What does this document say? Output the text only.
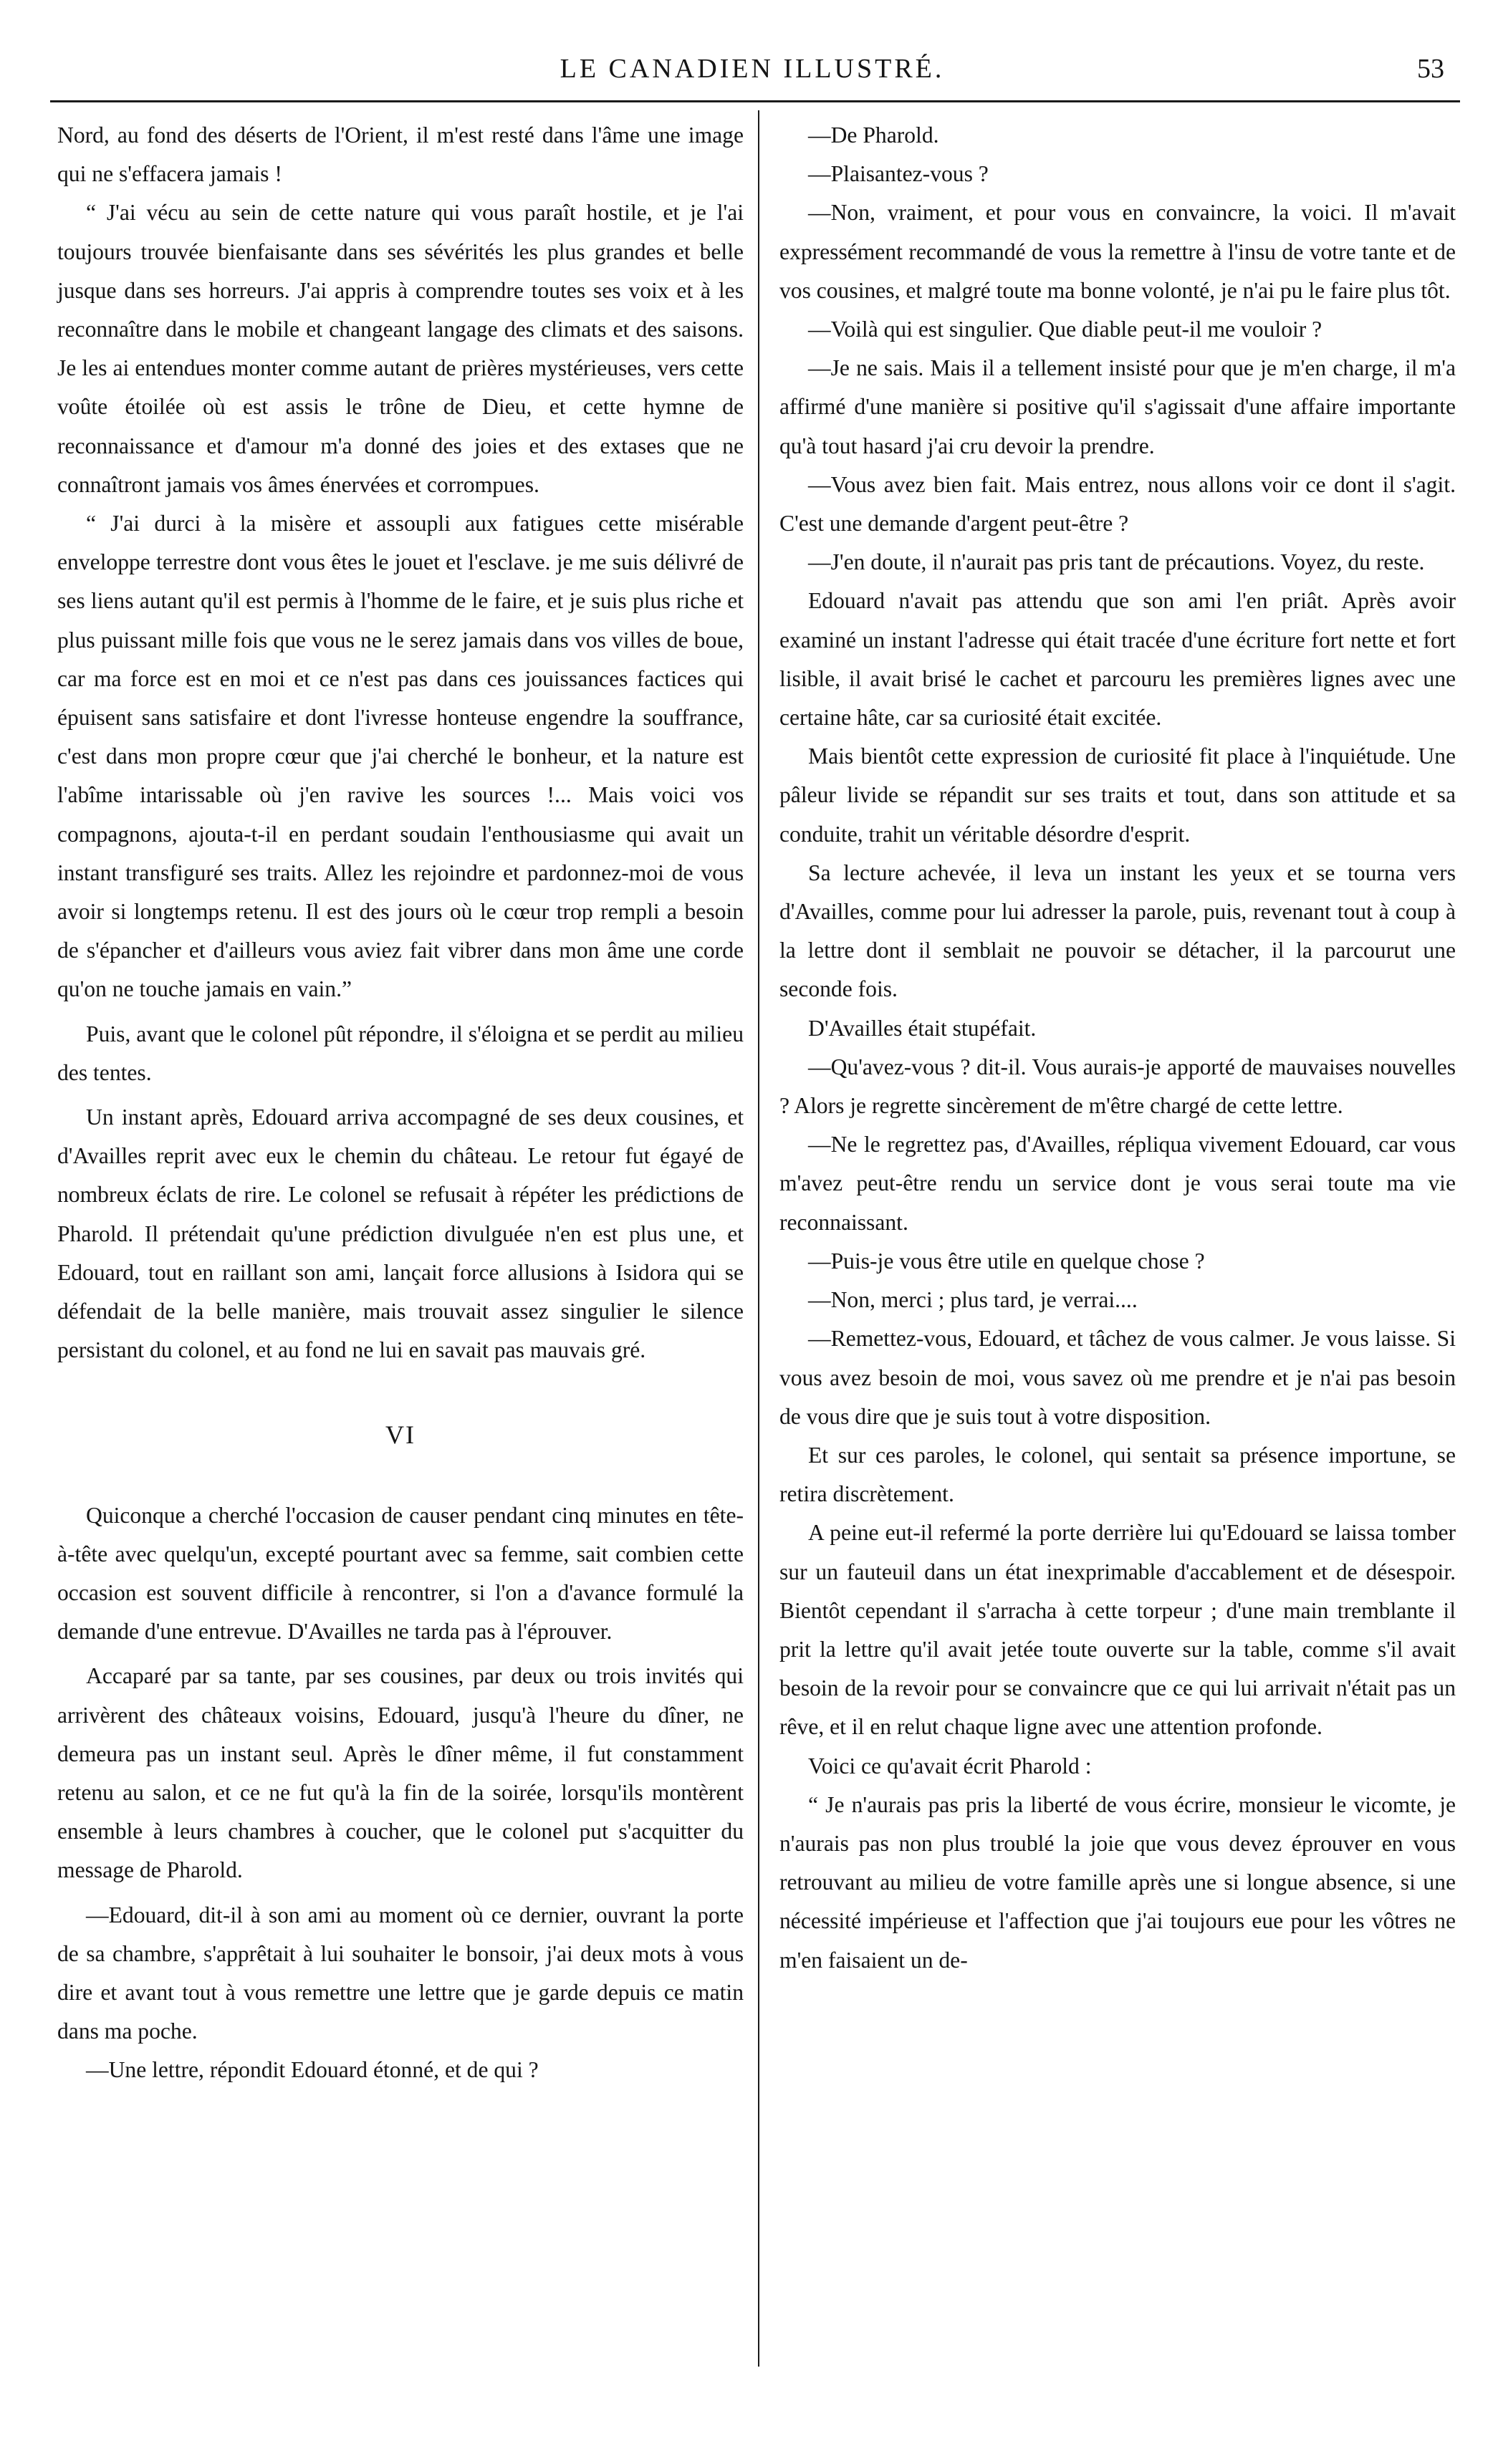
LE CANADIEN ILLUSTRÉ.	53

Nord, au fond des déserts de l'Orient, il m'est resté dans l'âme une image qui ne s'effacera jamais !

“ J'ai vécu au sein de cette nature qui vous paraît hostile, et je l'ai toujours trouvée bienfaisante dans ses sévérités les plus grandes et belle jusque dans ses horreurs. J'ai appris à comprendre toutes ses voix et à les reconnaître dans le mobile et changeant langage des climats et des saisons. Je les ai entendues monter comme autant de prières mystérieuses, vers cette voûte étoilée où est assis le trône de Dieu, et cette hymne de reconnaissance et d'amour m'a donné des joies et des extases que ne connaîtront jamais vos âmes énervées et corrompues.

“ J'ai durci à la misère et assoupli aux fatigues cette misérable enveloppe terrestre dont vous êtes le jouet et l'esclave. je me suis délivré de ses liens autant qu'il est permis à l'homme de le faire, et je suis plus riche et plus puissant mille fois que vous ne le serez jamais dans vos villes de boue, car ma force est en moi et ce n'est pas dans ces jouissances factices qui épuisent sans satisfaire et dont l'ivresse honteuse engendre la souffrance, c'est dans mon propre cœur que j'ai cherché le bonheur, et la nature est l'abîme intarissable où j'en ravive les sources !... Mais voici vos compagnons, ajouta-t-il en perdant soudain l'enthousiasme qui avait un instant transfiguré ses traits. Allez les rejoindre et pardonnez-moi de vous avoir si longtemps retenu. Il est des jours où le cœur trop rempli a besoin de s'épancher et d'ailleurs vous aviez fait vibrer dans mon âme une corde qu'on ne touche jamais en vain.”

Puis, avant que le colonel pût répondre, il s'éloigna et se perdit au milieu des tentes.

Un instant après, Edouard arriva accompagné de ses deux cousines, et d'Availles reprit avec eux le chemin du château. Le retour fut égayé de nombreux éclats de rire. Le colonel se refusait à répéter les prédictions de Pharold. Il prétendait qu'une prédiction divulguée n'en est plus une, et Edouard, tout en raillant son ami, lançait force allusions à Isidora qui se défendait de la belle manière, mais trouvait assez singulier le silence persistant du colonel, et au fond ne lui en savait pas mauvais gré.

VI

Quiconque a cherché l'occasion de causer pendant cinq minutes en tête-à-tête avec quelqu'un, excepté pourtant avec sa femme, sait combien cette occasion est souvent difficile à rencontrer, si l'on a d'avance formulé la demande d'une entrevue. D'Availles ne tarda pas à l'éprouver.

Accaparé par sa tante, par ses cousines, par deux ou trois invités qui arrivèrent des châteaux voisins, Edouard, jusqu'à l'heure du dîner, ne demeura pas un instant seul. Après le dîner même, il fut constamment retenu au salon, et ce ne fut qu'à la fin de la soirée, lorsqu'ils montèrent ensemble à leurs chambres à coucher, que le colonel put s'acquitter du message de Pharold.

—Edouard, dit-il à son ami au moment où ce dernier, ouvrant la porte de sa chambre, s'apprêtait à lui souhaiter le bonsoir, j'ai deux mots à vous dire et avant tout à vous remettre une lettre que je garde depuis ce matin dans ma poche.

—Une lettre, répondit Edouard étonné, et de qui ?

—De Pharold.

—Plaisantez-vous ?

—Non, vraiment, et pour vous en convaincre, la voici. Il m'avait expressément recommandé de vous la remettre à l'insu de votre tante et de vos cousines, et malgré toute ma bonne volonté, je n'ai pu le faire plus tôt.

—Voilà qui est singulier. Que diable peut-il me vouloir ?

—Je ne sais. Mais il a tellement insisté pour que je m'en charge, il m'a affirmé d'une manière si positive qu'il s'agissait d'une affaire importante qu'à tout hasard j'ai cru devoir la prendre.

—Vous avez bien fait. Mais entrez, nous allons voir ce dont il s'agit. C'est une demande d'argent peut-être ?

—J'en doute, il n'aurait pas pris tant de précautions. Voyez, du reste.

Edouard n'avait pas attendu que son ami l'en priât. Après avoir examiné un instant l'adresse qui était tracée d'une écriture fort nette et fort lisible, il avait brisé le cachet et parcouru les premières lignes avec une certaine hâte, car sa curiosité était excitée.

Mais bientôt cette expression de curiosité fit place à l'inquiétude. Une pâleur livide se répandit sur ses traits et tout, dans son attitude et sa conduite, trahit un véritable désordre d'esprit.

Sa lecture achevée, il leva un instant les yeux et se tourna vers d'Availles, comme pour lui adresser la parole, puis, revenant tout à coup à la lettre dont il semblait ne pouvoir se détacher, il la parcourut une seconde fois.

D'Availles était stupéfait.

—Qu'avez-vous ? dit-il. Vous aurais-je apporté de mauvaises nouvelles ? Alors je regrette sincèrement de m'être chargé de cette lettre.

—Ne le regrettez pas, d'Availles, répliqua vivement Edouard, car vous m'avez peut-être rendu un service dont je vous serai toute ma vie reconnaissant.

—Puis-je vous être utile en quelque chose ?

—Non, merci ; plus tard, je verrai....

—Remettez-vous, Edouard, et tâchez de vous calmer. Je vous laisse. Si vous avez besoin de moi, vous savez où me prendre et je n'ai pas besoin de vous dire que je suis tout à votre disposition.

Et sur ces paroles, le colonel, qui sentait sa présence importune, se retira discrètement.

A peine eut-il refermé la porte derrière lui qu'Edouard se laissa tomber sur un fauteuil dans un état inexprimable d'accablement et de désespoir. Bientôt cependant il s'arracha à cette torpeur ; d'une main tremblante il prit la lettre qu'il avait jetée toute ouverte sur la table, comme s'il avait besoin de la revoir pour se convaincre que ce qui lui arrivait n'était pas un rêve, et il en relut chaque ligne avec une attention profonde.

Voici ce qu'avait écrit Pharold :

“ Je n'aurais pas pris la liberté de vous écrire, monsieur le vicomte, je n'aurais pas non plus troublé la joie que vous devez éprouver en vous retrouvant au milieu de votre famille après une si longue absence, si une nécessité impérieuse et l'affection que j'ai toujours eue pour les vôtres ne m'en faisaient un de-
